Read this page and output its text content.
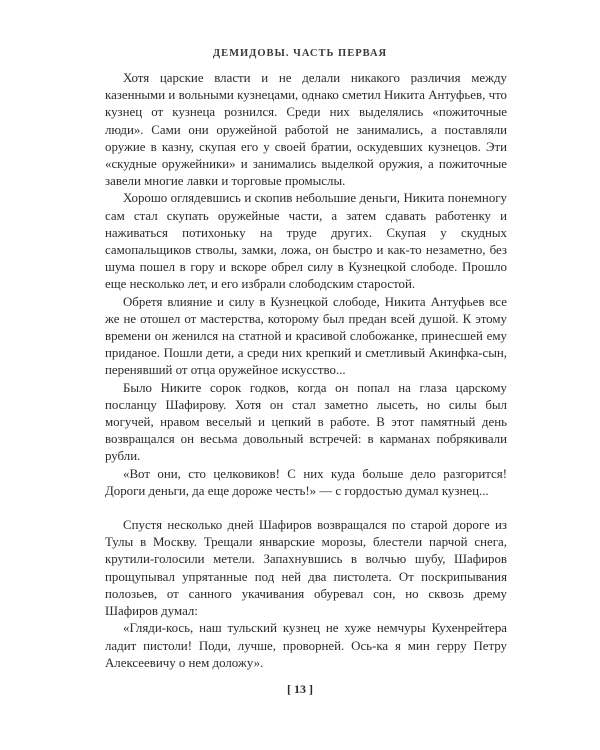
ДЕМИДОВЫ. ЧАСТЬ ПЕРВАЯ

Хотя царские власти и не делали никакого различия между казенными и вольными кузнецами, однако сметил Никита Антуфьев, что кузнец от кузнеца рознился. Среди них выделялись «пожиточные люди». Сами они оружейной работой не занимались, а поставляли оружие в казну, скупая его у своей братии, оскудевших кузнецов. Эти «скудные оружейники» и занимались выделкой оружия, а пожиточные завели многие лавки и торговые промыслы.

Хорошо оглядевшись и скопив небольшие деньги, Никита понемногу сам стал скупать оружейные части, а затем сдавать работенку и наживаться потихоньку на труде других. Скупая у скудных самопальщиков стволы, замки, ложа, он быстро и как-то незаметно, без шума пошел в гору и вскоре обрел силу в Кузнецкой слободе. Прошло еще несколько лет, и его избрали слободским старостой.

Обретя влияние и силу в Кузнецкой слободе, Никита Антуфьев все же не отошел от мастерства, которому был предан всей душой. К этому времени он женился на статной и красивой слобожанке, принесшей ему приданое. Пошли дети, а среди них крепкий и сметливый Акинфка-сын, перенявший от отца оружейное искусство...

Было Никите сорок годков, когда он попал на глаза царскому посланцу Шафирову. Хотя он стал заметно лысеть, но силы был могучей, нравом веселый и цепкий в работе. В этот памятный день возвращался он весьма довольный встречей: в карманах побрякивали рубли.

«Вот они, сто целковиков! С них куда больше дело разгорится! Дороги деньги, да еще дороже честь!» — с гордостью думал кузнец...

Спустя несколько дней Шафиров возвращался по старой дороге из Тулы в Москву. Трещали январские морозы, блестели парчой снега, крутили-голосили метели. Запахнувшись в волчью шубу, Шафиров прощупывал упрятанные под ней два пистолета. От поскрипывания полозьев, от санного укачивания обуревал сон, но сквозь дрему Шафиров думал:

«Гляди-кось, наш тульский кузнец не хуже немчуры Кухенрейтера ладит пистоли! Поди, лучше, проворней. Ось-ка я мин герру Петру Алексеевичу о нем доложу».

[ 13 ]
